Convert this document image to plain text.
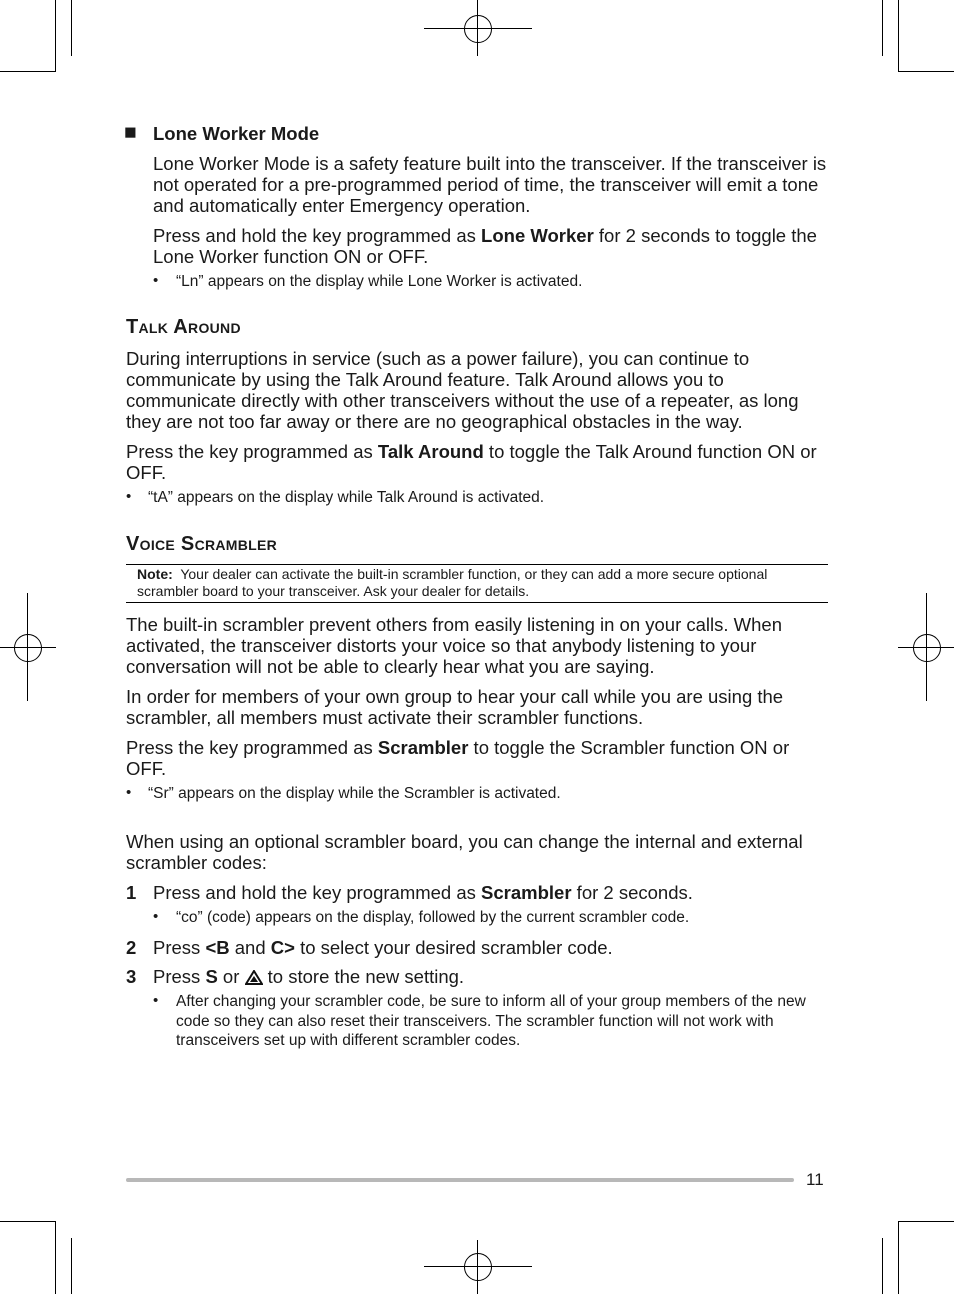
■ Lone Worker Mode

Lone Worker Mode is a safety feature built into the transceiver. If the transceiver is not operated for a pre-programmed period of time, the transceiver will emit a tone and automatically enter Emergency operation.

Press and hold the key programmed as Lone Worker for 2 seconds to toggle the Lone Worker function ON or OFF.

• “Ln” appears on the display while Lone Worker is activated.

Talk Around

During interruptions in service (such as a power failure), you can continue to communicate by using the Talk Around feature. Talk Around allows you to communicate directly with other transceivers without the use of a repeater, as long they are not too far away or there are no geographical obstacles in the way.

Press the key programmed as Talk Around to toggle the Talk Around function ON or OFF.

• “tA” appears on the display while Talk Around is activated.

Voice Scrambler

Note: Your dealer can activate the built-in scrambler function, or they can add a more secure optional scrambler board to your transceiver. Ask your dealer for details.

The built-in scrambler prevent others from easily listening in on your calls. When activated, the transceiver distorts your voice so that anybody listening to your conversation will not be able to clearly hear what you are saying.

In order for members of your own group to hear your call while you are using the scrambler, all members must activate their scrambler functions.

Press the key programmed as Scrambler to toggle the Scrambler function ON or OFF.

• “Sr” appears on the display while the Scrambler is activated.

When using an optional scrambler board, you can change the internal and external scrambler codes:

1 Press and hold the key programmed as Scrambler for 2 seconds.

• “co” (code) appears on the display, followed by the current scrambler code.

2 Press <B and C> to select your desired scrambler code.

3 Press S or  to store the new setting.

• After changing your scrambler code, be sure to inform all of your group members of the new code so they can also reset their transceivers. The scrambler function will not work with transceivers set up with different scrambler codes.

11
